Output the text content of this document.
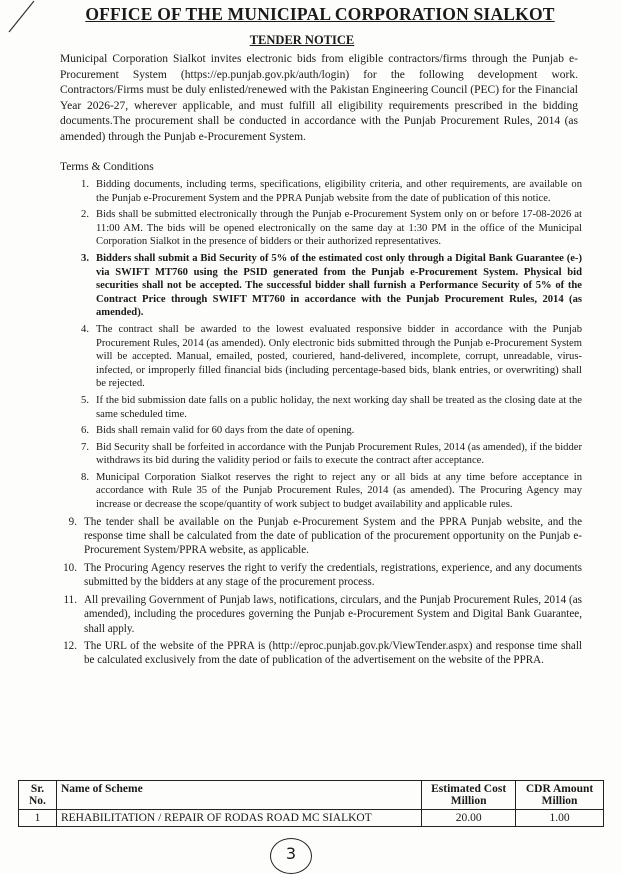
OFFICE OF THE MUNICIPAL CORPORATION SIALKOT
TENDER NOTICE
Municipal Corporation Sialkot invites electronic bids from eligible contractors/firms through the Punjab e-Procurement System (https://ep.punjab.gov.pk/auth/login) for the following development work. Contractors/Firms must be duly enlisted/renewed with the Pakistan Engineering Council (PEC) for the Financial Year 2026-27, wherever applicable, and must fulfill all eligibility requirements prescribed in the bidding documents.The procurement shall be conducted in accordance with the Punjab Procurement Rules, 2014 (as amended) through the Punjab e-Procurement System.
Terms & Conditions
1. Bidding documents, including terms, specifications, eligibility criteria, and other requirements, are available on the Punjab e-Procurement System and the PPRA Punjab website from the date of publication of this notice.
2. Bids shall be submitted electronically through the Punjab e-Procurement System only on or before 17-08-2026 at 11:00 AM. The bids will be opened electronically on the same day at 1:30 PM in the office of the Municipal Corporation Sialkot in the presence of bidders or their authorized representatives.
3. Bidders shall submit a Bid Security of 5% of the estimated cost only through a Digital Bank Guarantee (e-) via SWIFT MT760 using the PSID generated from the Punjab e-Procurement System. Physical bid securities shall not be accepted. The successful bidder shall furnish a Performance Security of 5% of the Contract Price through SWIFT MT760 in accordance with the Punjab Procurement Rules, 2014 (as amended).
4. The contract shall be awarded to the lowest evaluated responsive bidder in accordance with the Punjab Procurement Rules, 2014 (as amended). Only electronic bids submitted through the Punjab e-Procurement System will be accepted. Manual, emailed, posted, couriered, hand-delivered, incomplete, corrupt, unreadable, virus-infected, or improperly filled financial bids (including percentage-based bids, blank entries, or overwriting) shall be rejected.
5. If the bid submission date falls on a public holiday, the next working day shall be treated as the closing date at the same scheduled time.
6. Bids shall remain valid for 60 days from the date of opening.
7. Bid Security shall be forfeited in accordance with the Punjab Procurement Rules, 2014 (as amended), if the bidder withdraws its bid during the validity period or fails to execute the contract after acceptance.
8. Municipal Corporation Sialkot reserves the right to reject any or all bids at any time before acceptance in accordance with Rule 35 of the Punjab Procurement Rules, 2014 (as amended). The Procuring Agency may increase or decrease the scope/quantity of work subject to budget availability and applicable rules.
9. The tender shall be available on the Punjab e-Procurement System and the PPRA Punjab website, and the response time shall be calculated from the date of publication of the procurement opportunity on the Punjab e-Procurement System/PPRA website, as applicable.
10. The Procuring Agency reserves the right to verify the credentials, registrations, experience, and any documents submitted by the bidders at any stage of the procurement process.
11. All prevailing Government of Punjab laws, notifications, circulars, and the Punjab Procurement Rules, 2014 (as amended), including the procedures governing the Punjab e-Procurement System and Digital Bank Guarantee, shall apply.
12. The URL of the website of the PPRA is (http://eproc.punjab.gov.pk/ViewTender.aspx) and response time shall be calculated exclusively from the date of publication of the advertisement on the website of the PPRA.
Sr. No.	Name of Scheme	Estimated Cost Million	CDR Amount Million
1	REHABILITATION / REPAIR OF RODAS ROAD MC SIALKOT	20.00	1.00
3
